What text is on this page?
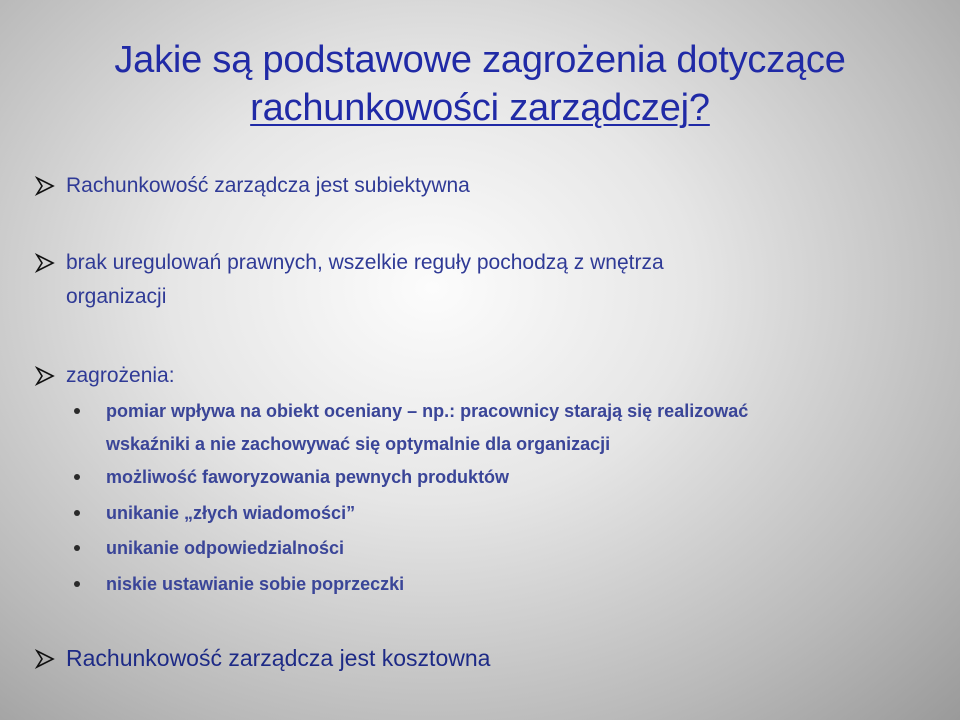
Jakie są podstawowe zagrożenia dotyczące
rachunkowości zarządczej?
Rachunkowość zarządcza jest subiektywna
brak uregulowań prawnych, wszelkie reguły pochodzą z wnętrza
organizacji
zagrożenia:
pomiar wpływa na obiekt oceniany – np.: pracownicy starają się realizować
wskaźniki a nie zachowywać się optymalnie dla organizacji
możliwość faworyzowania pewnych produktów
unikanie „złych wiadomości”
unikanie odpowiedzialności
niskie ustawianie sobie poprzeczki
Rachunkowość zarządcza jest kosztowna
